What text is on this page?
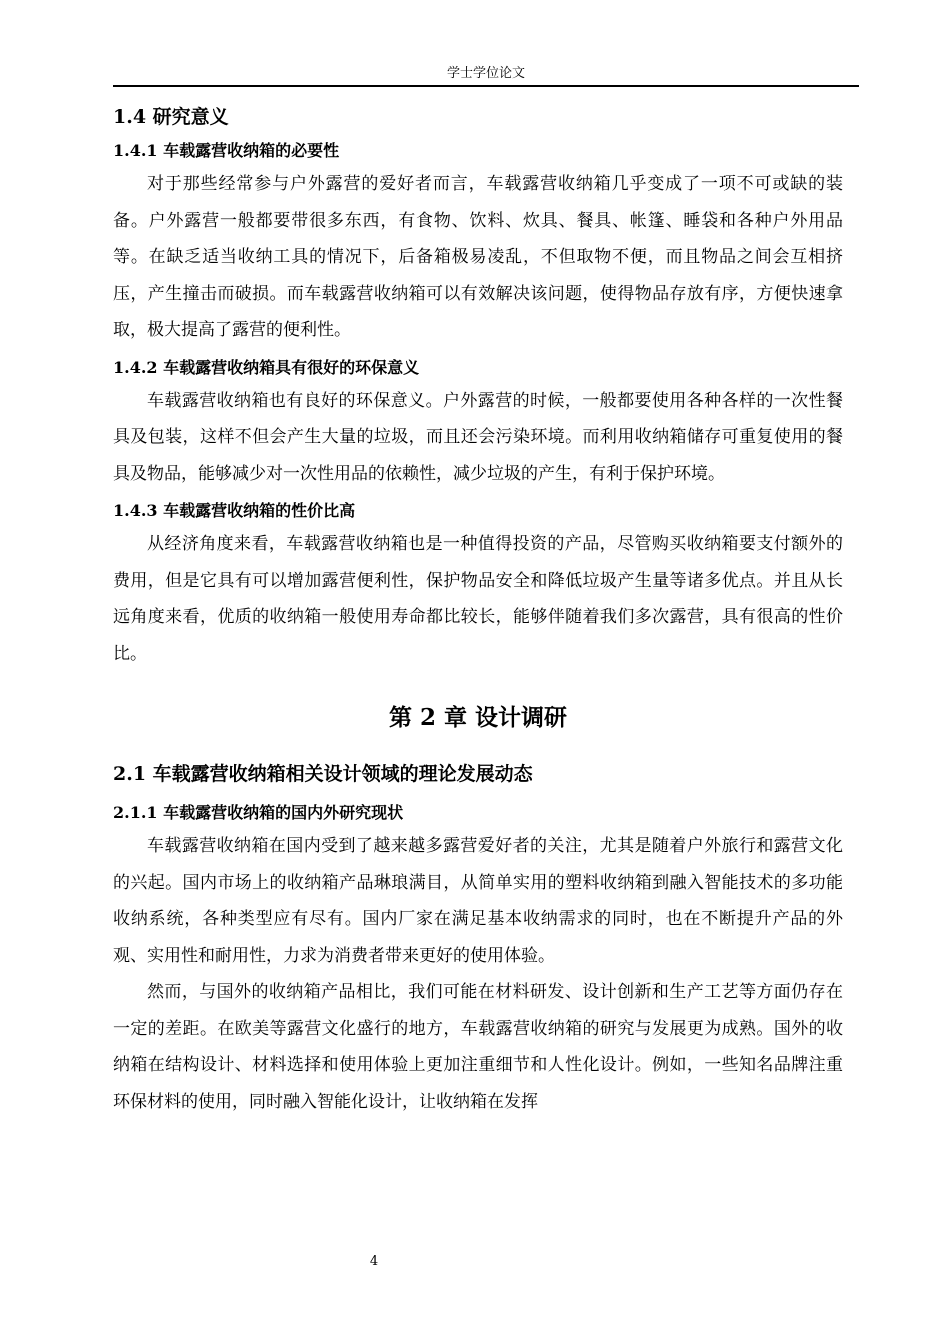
学士学位论文
1.4 研究意义
1.4.1 车载露营收纳箱的必要性

对于那些经常参与户外露营的爱好者而言，车载露营收纳箱几乎变成了一项不可或缺的装备。户外露营一般都要带很多东西，有食物、饮料、炊具、餐具、帐篷、睡袋和各种户外用品等。在缺乏适当收纳工具的情况下，后备箱极易凌乱，不但取物不便，而且物品之间会互相挤压，产生撞击而破损。而车载露营收纳箱可以有效解决该问题，使得物品存放有序，方便快速拿取，极大提高了露营的便利性。

1.4.2 车载露营收纳箱具有很好的环保意义

车载露营收纳箱也有良好的环保意义。户外露营的时候，一般都要使用各种各样的一次性餐具及包装，这样不但会产生大量的垃圾，而且还会污染环境。而利用收纳箱储存可重复使用的餐具及物品，能够减少对一次性用品的依赖性，减少垃圾的产生，有利于保护环境。

1.4.3 车载露营收纳箱的性价比高

从经济角度来看，车载露营收纳箱也是一种值得投资的产品，尽管购买收纳箱要支付额外的费用，但是它具有可以增加露营便利性，保护物品安全和降低垃圾产生量等诸多优点。并且从长远角度来看，优质的收纳箱一般使用寿命都比较长，能够伴随着我们多次露营，具有很高的性价比。

第 2 章 设计调研
2.1 车载露营收纳箱相关设计领域的理论发展动态
2.1.1 车载露营收纳箱的国内外研究现状

车载露营收纳箱在国内受到了越来越多露营爱好者的关注，尤其是随着户外旅行和露营文化的兴起。国内市场上的收纳箱产品琳琅满目，从简单实用的塑料收纳箱到融入智能技术的多功能收纳系统，各种类型应有尽有。国内厂家在满足基本收纳需求的同时，也在不断提升产品的外观、实用性和耐用性，力求为消费者带来更好的使用体验。

然而，与国外的收纳箱产品相比，我们可能在材料研发、设计创新和生产工艺等方面仍存在一定的差距。在欧美等露营文化盛行的地方，车载露营收纳箱的研究与发展更为成熟。国外的收纳箱在结构设计、材料选择和使用体验上更加注重细节和人性化设计。例如，一些知名品牌注重环保材料的使用，同时融入智能化设计，让收纳箱在发挥

4
